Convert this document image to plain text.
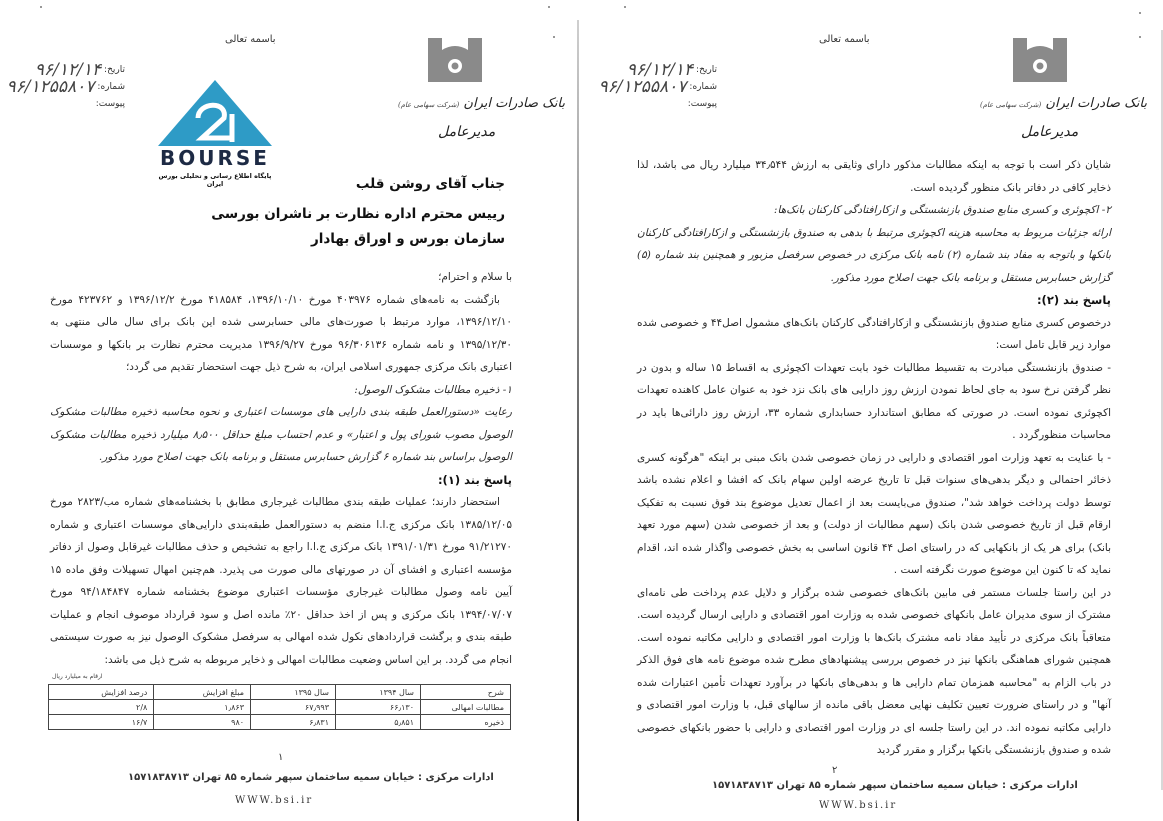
باسمه تعالی
تاریخ:
۹۶/۱۲/۱۴
شماره:
۹۶/۱۲۵۵۸۰۷
پیوست:
BOURSE
پایگاه اطلاع رسانی و تحلیلی بورس ایران
بانک صادرات ایران (شرکت سهامی عام)
مدیرعامل
جناب آقای روشن قلب
رییس محترم اداره نظارت بر ناشران بورسی
سازمان بورس و اوراق بهادار

با سلام و احترام؛

بازگشت به نامه‌های شماره ۴۰۳۹۷۶ مورخ ۱۳۹۶/۱۰/۱۰، ۴۱۸۵۸۴ مورخ ۱۳۹۶/۱۲/۲ و ۴۲۳۷۶۲ مورخ ۱۳۹۶/۱۲/۱۰، موارد مرتبط با صورت‌های مالی حسابرسی شده این بانک برای سال مالی منتهی به ۱۳۹۵/۱۲/۳۰ و نامه شماره ۹۶/۳۰۶۱۳۶ مورخ ۱۳۹۶/۹/۲۷ مدیریت محترم نظارت بر بانکها و موسسات اعتباری بانک مرکزی جمهوری اسلامی ایران، به شرح ذیل جهت استحضار تقدیم می گردد؛

۱- ذخیره مطالبات مشکوک الوصول:

رعایت «دستورالعمل طبقه بندی دارایی های موسسات اعتباری و نحوه محاسبه ذخیره مطالبات مشکوک الوصول مصوب شورای پول و اعتبار» و عدم احتساب مبلغ حداقل ۸٫۵۰۰ میلیارد ذخیره مطالبات مشکوک الوصول براساس بند شماره ۶ گزارش حسابرس مستقل و برنامه بانک جهت اصلاح مورد مذکور.

پاسخ بند (۱):

استحضار دارند؛ عملیات طبقه بندی مطالبات غیرجاری مطابق با بخشنامه‌های شماره مب/۲۸۲۳ مورخ ۱۳۸۵/۱۲/۰۵ بانک مرکزی ج.ا.ا منضم به دستورالعمل طبقه‌بندی دارایی‌های موسسات اعتباری و شماره ۹۱/۲۱۲۷۰ مورخ ۱۳۹۱/۰۱/۳۱ بانک مرکزی ج.ا.ا راجع به تشخیص و حذف مطالبات غیرقابل وصول از دفاتر مؤسسه اعتباری و افشای آن در صورتهای مالی صورت می پذیرد. هم‌چنین امهال تسهیلات وفق ماده ۱۵ آیین نامه وصول مطالبات غیرجاری مؤسسات اعتباری موضوع بخشنامه شماره ۹۴/۱۸۴۸۴۷ مورخ ۱۳۹۴/۰۷/۰۷ بانک مرکزی و پس از اخذ حداقل ۲۰٪ مانده اصل و سود قرارداد موصوف انجام و عملیات طبقه بندی و برگشت قراردادهای نکول شده امهالی به سرفصل مشکوک الوصول نیز به صورت سیستمی انجام می گردد. بر این اساس وضعیت مطالبات امهالی و ذخایر مربوطه به شرح ذیل می باشد:

ارقام به میلیارد ریال
شرح	سال ۱۳۹۴	سال ۱۳۹۵	مبلغ افزایش	درصد افزایش
مطالبات امهالی	۶۶٫۱۳۰	۶۷٫۹۹۳	۱٫۸۶۳	۲/۸
ذخیره	۵٫۸۵۱	۶٫۸۳۱	۹۸۰	۱۶/۷
۱
ادارات مرکزی : خیابان سمیه ساختمان سپهر شماره ۸۵ تهران ۱۵۷۱۸۳۸۷۱۳
WWW.bsi.ir
باسمه تعالی
تاریخ:
۹۶/۱۲/۱۴
شماره:
۹۶/۱۲۵۵۸۰۷
پیوست:	بانک صادرات ایران (شرکت سهامی عام)
مدیرعامل

شایان ذکر است با توجه به اینکه مطالبات مذکور دارای وثایقی به ارزش ۳۴٫۵۴۴ میلیارد ریال می باشد، لذا ذخایر کافی در دفاتر بانک منظور گردیده است.

۲- اکچوئری و کسری منابع صندوق بازنشستگی و ازکارافتادگی کارکنان بانک‌ها:

ارائه جزئیات مربوط به محاسبه هزینه اکچوئری مرتبط با بدهی به صندوق بازنشستگی و ازکارافتادگی کارکنان بانکها و باتوجه به مفاد بند شماره (۲) نامه بانک مرکزی در خصوص سرفصل مزبور و همچنین بند شماره (۵) گزارش حسابرس مستقل و برنامه بانک جهت اصلاح مورد مذکور.

پاسخ بند (۲):

درخصوص کسری منابع صندوق بازنشستگی و ازکارافتادگی کارکنان بانک‌های مشمول اصل۴۴ و خصوصی شده موارد زیر قابل تامل است:

- صندوق بازنشستگی مبادرت به تقسیط مطالبات خود بابت تعهدات اکچوئری به اقساط ۱۵ ساله و بدون در نظر گرفتن نرخ سود به جای لحاظ نمودن ارزش روز دارایی های بانک نزد خود به عنوان عامل کاهنده تعهدات اکچوئری نموده است. در صورتی که مطابق استاندارد حسابداری شماره ۳۳، ارزش روز دارائی‌ها باید در محاسبات منظورگردد .

- با عنایت به تعهد وزارت امور اقتصادی و دارایی در زمان خصوصی شدن بانک مبنی بر اینکه "هرگونه کسری ذخائر احتمالی و دیگر بدهی‌های سنوات قبل تا تاریخ عرضه اولین سهام بانک که افشا و اعلام نشده باشد توسط دولت پرداخت خواهد شد"، صندوق می‌بایست بعد از اعمال تعدیل موضوع بند فوق نسبت به تفکیک ارقام قبل از تاریخ خصوصی شدن بانک (سهم مطالبات از دولت) و بعد از خصوصی شدن (سهم مورد تعهد بانک) برای هر یک از بانکهایی که در راستای اصل ۴۴ قانون اساسی به بخش خصوصی واگذار شده اند، اقدام نماید که تا کنون این موضوع صورت نگرفته است .

در این راستا جلسات مستمر فی مابین بانک‌های خصوصی شده برگزار و دلایل عدم پرداخت طی نامه‌ای مشترک از سوی مدیران عامل بانکهای خصوصی شده به وزارت امور اقتصادی و دارایی ارسال گردیده است. متعاقباً بانک مرکزی در تأیید مفاد نامه مشترک بانک‌ها با وزارت امور اقتصادی و دارایی مکاتبه نموده است. همچنین شورای هماهنگی بانکها نیز در خصوص بررسی پیشنهادهای مطرح شده موضوع نامه های فوق الذکر در باب الزام به "محاسبه همزمان تمام دارایی ها و بدهی‌های بانکها در برآورد تعهدات تأمین اعتبارات شده آنها" و در راستای ضرورت تعیین تکلیف نهایی معضل باقی مانده از سالهای قبل، با وزارت امور اقتصادی و دارایی مکاتبه نموده اند. در این راستا جلسه ای در وزارت امور اقتصادی و دارایی با حضور بانکهای خصوصی شده و صندوق بازنشستگی بانکها برگزار و مقرر گردید

۲
ادارات مرکزی : خیابان سمیه ساختمان سپهر شماره ۸۵ تهران ۱۵۷۱۸۳۸۷۱۳
WWW.bsi.ir
